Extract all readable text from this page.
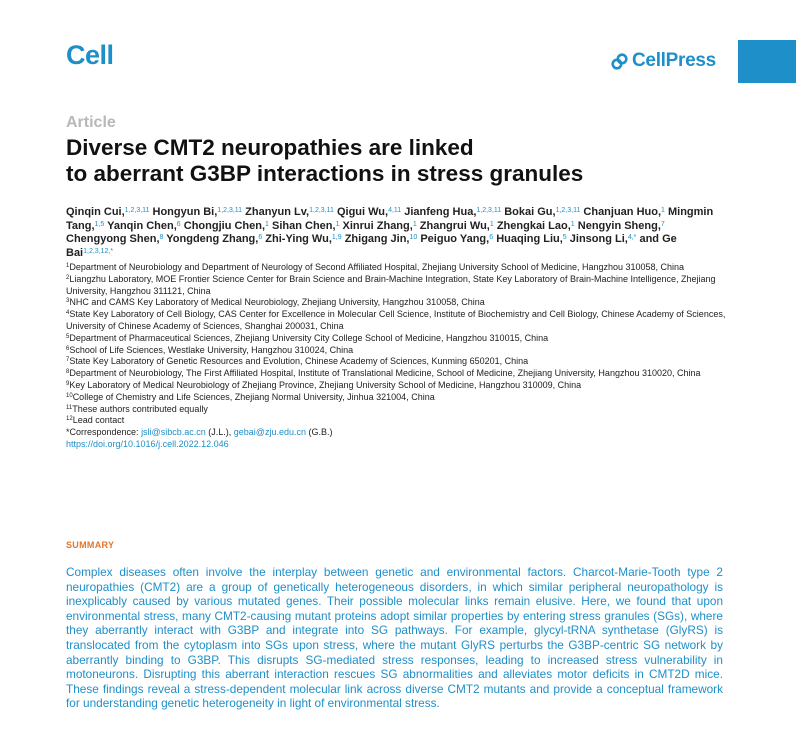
Cell	CellPress
Article
Diverse CMT2 neuropathies are linked
to aberrant G3BP interactions in stress granules
Qinqin Cui,$^{1,2,3,11}$ Hongyun Bi,$^{1,2,3,11}$ Zhanyun Lv,$^{1,2,3,11}$ Qigui Wu,$^{4,11}$ Jianfeng Hua,$^{1,2,3,11}$ Bokai Gu,$^{1,2,3,11}$ Chanjuan Huo,$^1$ Mingmin Tang,$^{1,5}$ Yanqin Chen,$^6$ Chongjiu Chen,$^1$ Sihan Chen,$^1$ Xinrui Zhang,$^1$ Zhangrui Wu,$^1$ Zhengkai Lao,$^1$ Nengyin Sheng,$^7$ Chengyong Shen,$^8$ Yongdeng Zhang,$^6$ Zhi-Ying Wu,$^{1,9}$ Zhigang Jin,$^{10}$ Peiguo Yang,$^6$ Huaqing Liu,$^5$ Jinsong Li,$^{4,*}$ and Ge Bai$^{1,2,3,12,*}$
$^1$Department of Neurobiology and Department of Neurology of Second Affiliated Hospital, Zhejiang University School of Medicine, Hangzhou 310058, China
$^2$Liangzhu Laboratory, MOE Frontier Science Center for Brain Science and Brain-Machine Integration, State Key Laboratory of Brain-Machine Intelligence, Zhejiang University, Hangzhou 311121, China
$^3$NHC and CAMS Key Laboratory of Medical Neurobiology, Zhejiang University, Hangzhou 310058, China
$^4$State Key Laboratory of Cell Biology, CAS Center for Excellence in Molecular Cell Science, Institute of Biochemistry and Cell Biology, Chinese Academy of Sciences, University of Chinese Academy of Sciences, Shanghai 200031, China
$^5$Department of Pharmaceutical Sciences, Zhejiang University City College School of Medicine, Hangzhou 310015, China
$^6$School of Life Sciences, Westlake University, Hangzhou 310024, China
$^7$State Key Laboratory of Genetic Resources and Evolution, Chinese Academy of Sciences, Kunming 650201, China
$^8$Department of Neurobiology, The First Affiliated Hospital, Institute of Translational Medicine, School of Medicine, Zhejiang University, Hangzhou 310020, China
$^9$Key Laboratory of Medical Neurobiology of Zhejiang Province, Zhejiang University School of Medicine, Hangzhou 310009, China
$^{10}$College of Chemistry and Life Sciences, Zhejiang Normal University, Jinhua 321004, China
$^{11}$These authors contributed equally
$^{12}$Lead contact
*Correspondence: jsli@sibcb.ac.cn (J.L.), gebai@zju.edu.cn (G.B.)
https://doi.org/10.1016/j.cell.2022.12.046
SUMMARY
Complex diseases often involve the interplay between genetic and environmental factors. Charcot-Marie-Tooth type 2 neuropathies (CMT2) are a group of genetically heterogeneous disorders, in which similar peripheral neuropathology is inexplicably caused by various mutated genes. Their possible molecular links remain elusive. Here, we found that upon environmental stress, many CMT2-causing mutant proteins adopt similar properties by entering stress granules (SGs), where they aberrantly interact with G3BP and integrate into SG pathways. For example, glycyl-tRNA synthetase (GlyRS) is translocated from the cytoplasm into SGs upon stress, where the mutant GlyRS perturbs the G3BP-centric SG network by aberrantly binding to G3BP. This disrupts SG-mediated stress responses, leading to increased stress vulnerability in motoneurons. Disrupting this aberrant interaction rescues SG abnormalities and alleviates motor deficits in CMT2D mice. These findings reveal a stress-dependent molecular link across diverse CMT2 mutants and provide a conceptual framework for understanding genetic heterogeneity in light of environmental stress.
